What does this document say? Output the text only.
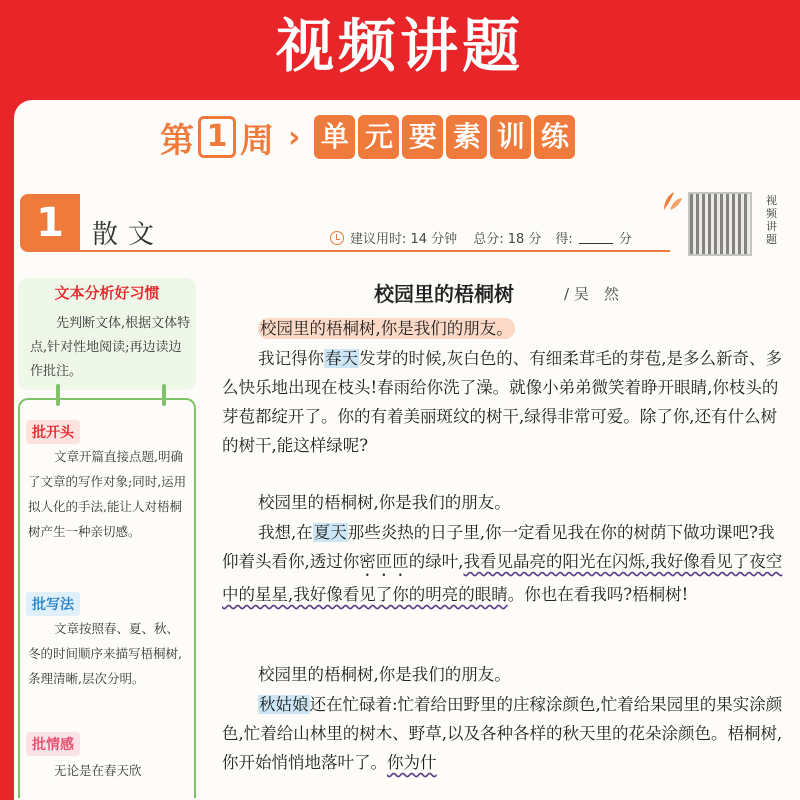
视频讲题
第 1 周 › 单 元 要 素 训 练
1	散文	建议用时: 14 分钟 总分: 18 分 得:	分
视频讲题
文本分析好习惯
先判断文体,根据文体特点,针对性地阅读;再边读边作批注。
批开头
文章开篇直接点题,明确了文章的写作对象;同时,运用拟人化的手法,能让人对梧桐树产生一种亲切感。
批写法
文章按照春、夏、秋、冬的时间顺序来描写梧桐树,条理清晰,层次分明。
批情感
无论是在春天欣
校园里的梧桐树	/ 吴　然
校园里的梧桐树,你是我们的朋友。
我记得你春天发芽的时候,灰白色的、有细柔茸毛的芽苞,是多么新奇、多么快乐地出现在枝头!春雨给你洗了澡。就像小弟弟微笑着睁开眼睛,你枝头的芽苞都绽开了。你的有着美丽斑纹的树干,绿得非常可爱。除了你,还有什么树的树干,能这样绿呢?
校园里的梧桐树,你是我们的朋友。
我想,在夏天那些炎热的日子里,你一定看见我在你的树荫下做功课吧?我仰着头看你,透过你密匝匝的绿叶,我看见晶亮的阳光在闪烁,我好像看见了夜空中的星星,我好像看见了你的明亮的眼睛。你也在看我吗?梧桐树!
校园里的梧桐树,你是我们的朋友。
秋姑娘还在忙碌着:忙着给田野里的庄稼涂颜色,忙着给果园里的果实涂颜色,忙着给山林里的树木、野草,以及各种各样的秋天里的花朵涂颜色。梧桐树,你开始悄悄地落叶了。你为什
